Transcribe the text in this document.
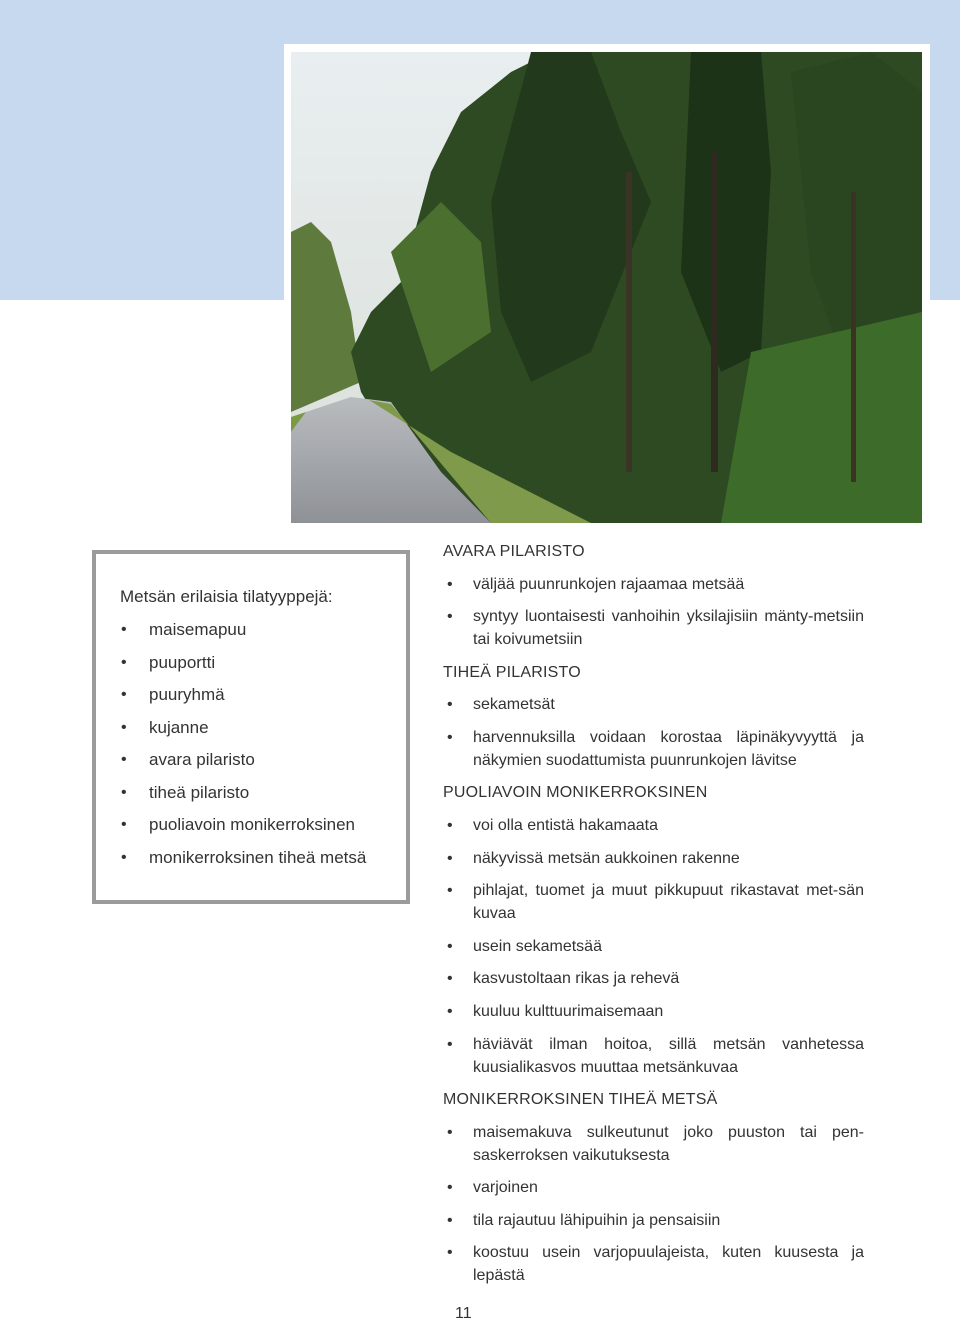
Metsän erilaisia tilatyyppejä:
• maisemapuu
• puuportti
• puuryhmä
• kujanne
• avara pilaristo
• tiheä pilaristo
• puoliavoin monikerroksinen
• monikerroksinen tiheä metsä
AVARA PILARISTO
• väljää puunrunkojen rajaamaa metsää
• syntyy luontaisesti vanhoihin yksilajisiin mänty-metsiin tai koivumetsiin
TIHEÄ PILARISTO
• sekametsät
• harvennuksilla voidaan korostaa läpinäkyvyyttä ja näkymien suodattumista puunrunkojen lävitse
PUOLIAVOIN MONIKERROKSINEN
• voi olla entistä hakamaata
• näkyvissä metsän aukkoinen rakenne
• pihlajat, tuomet ja muut pikkupuut rikastavat met-sän kuvaa
• usein sekametsää
• kasvustoltaan rikas ja rehevä
• kuuluu kulttuurimaisemaan
• häviävät ilman hoitoa, sillä metsän vanhetessa kuusialikasvos muuttaa metsänkuvaa
MONIKERROKSINEN TIHEÄ METSÄ
• maisemakuva sulkeutunut joko puuston tai pen-saskerroksen vaikutuksesta
• varjoinen
• tila rajautuu lähipuihin ja pensaisiin
• koostuu usein varjopuulajeista, kuten kuusesta ja lepästä
11
